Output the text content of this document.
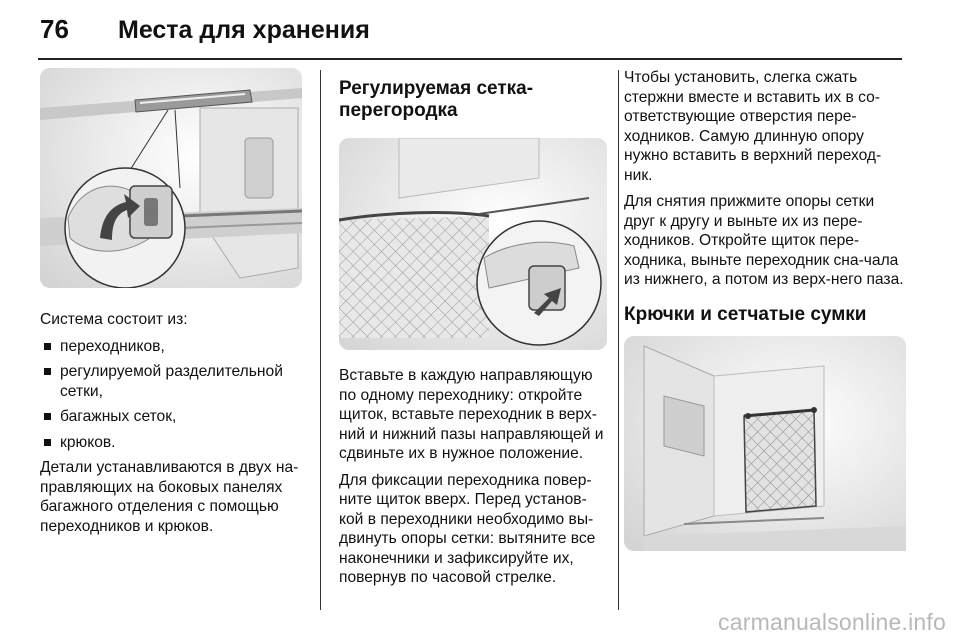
76	Места для хранения

Система состоит из:

переходников,
регулируемой разделительной сетки,
багажных сеток,
крюков.

Детали устанавливаются в двух на-правляющих на боковых панелях багажного отделения с помощью переходников и крюков.

Регулируемая сетка-перегородка

Вставьте в каждую направляющую по одному переходнику: откройте щиток, вставьте переходник в верх-ний и нижний пазы направляющей и сдвиньте их в нужное положение.

Для фиксации переходника повер-ните щиток вверх. Перед установ-кой в переходники необходимо вы-двинуть опоры сетки: вытяните все наконечники и зафиксируйте их, повернув по часовой стрелке.

Чтобы установить, слегка сжать стержни вместе и вставить их в со-ответствующие отверстия пере-ходников. Самую длинную опору нужно вставить в верхний переход-ник.

Для снятия прижмите опоры сетки друг к другу и выньте их из пере-ходников. Откройте щиток пере-ходника, выньте переходник сна-чала из нижнего, а потом из верх-него паза.

Крючки и сетчатые сумки
carmanualsonline.info
